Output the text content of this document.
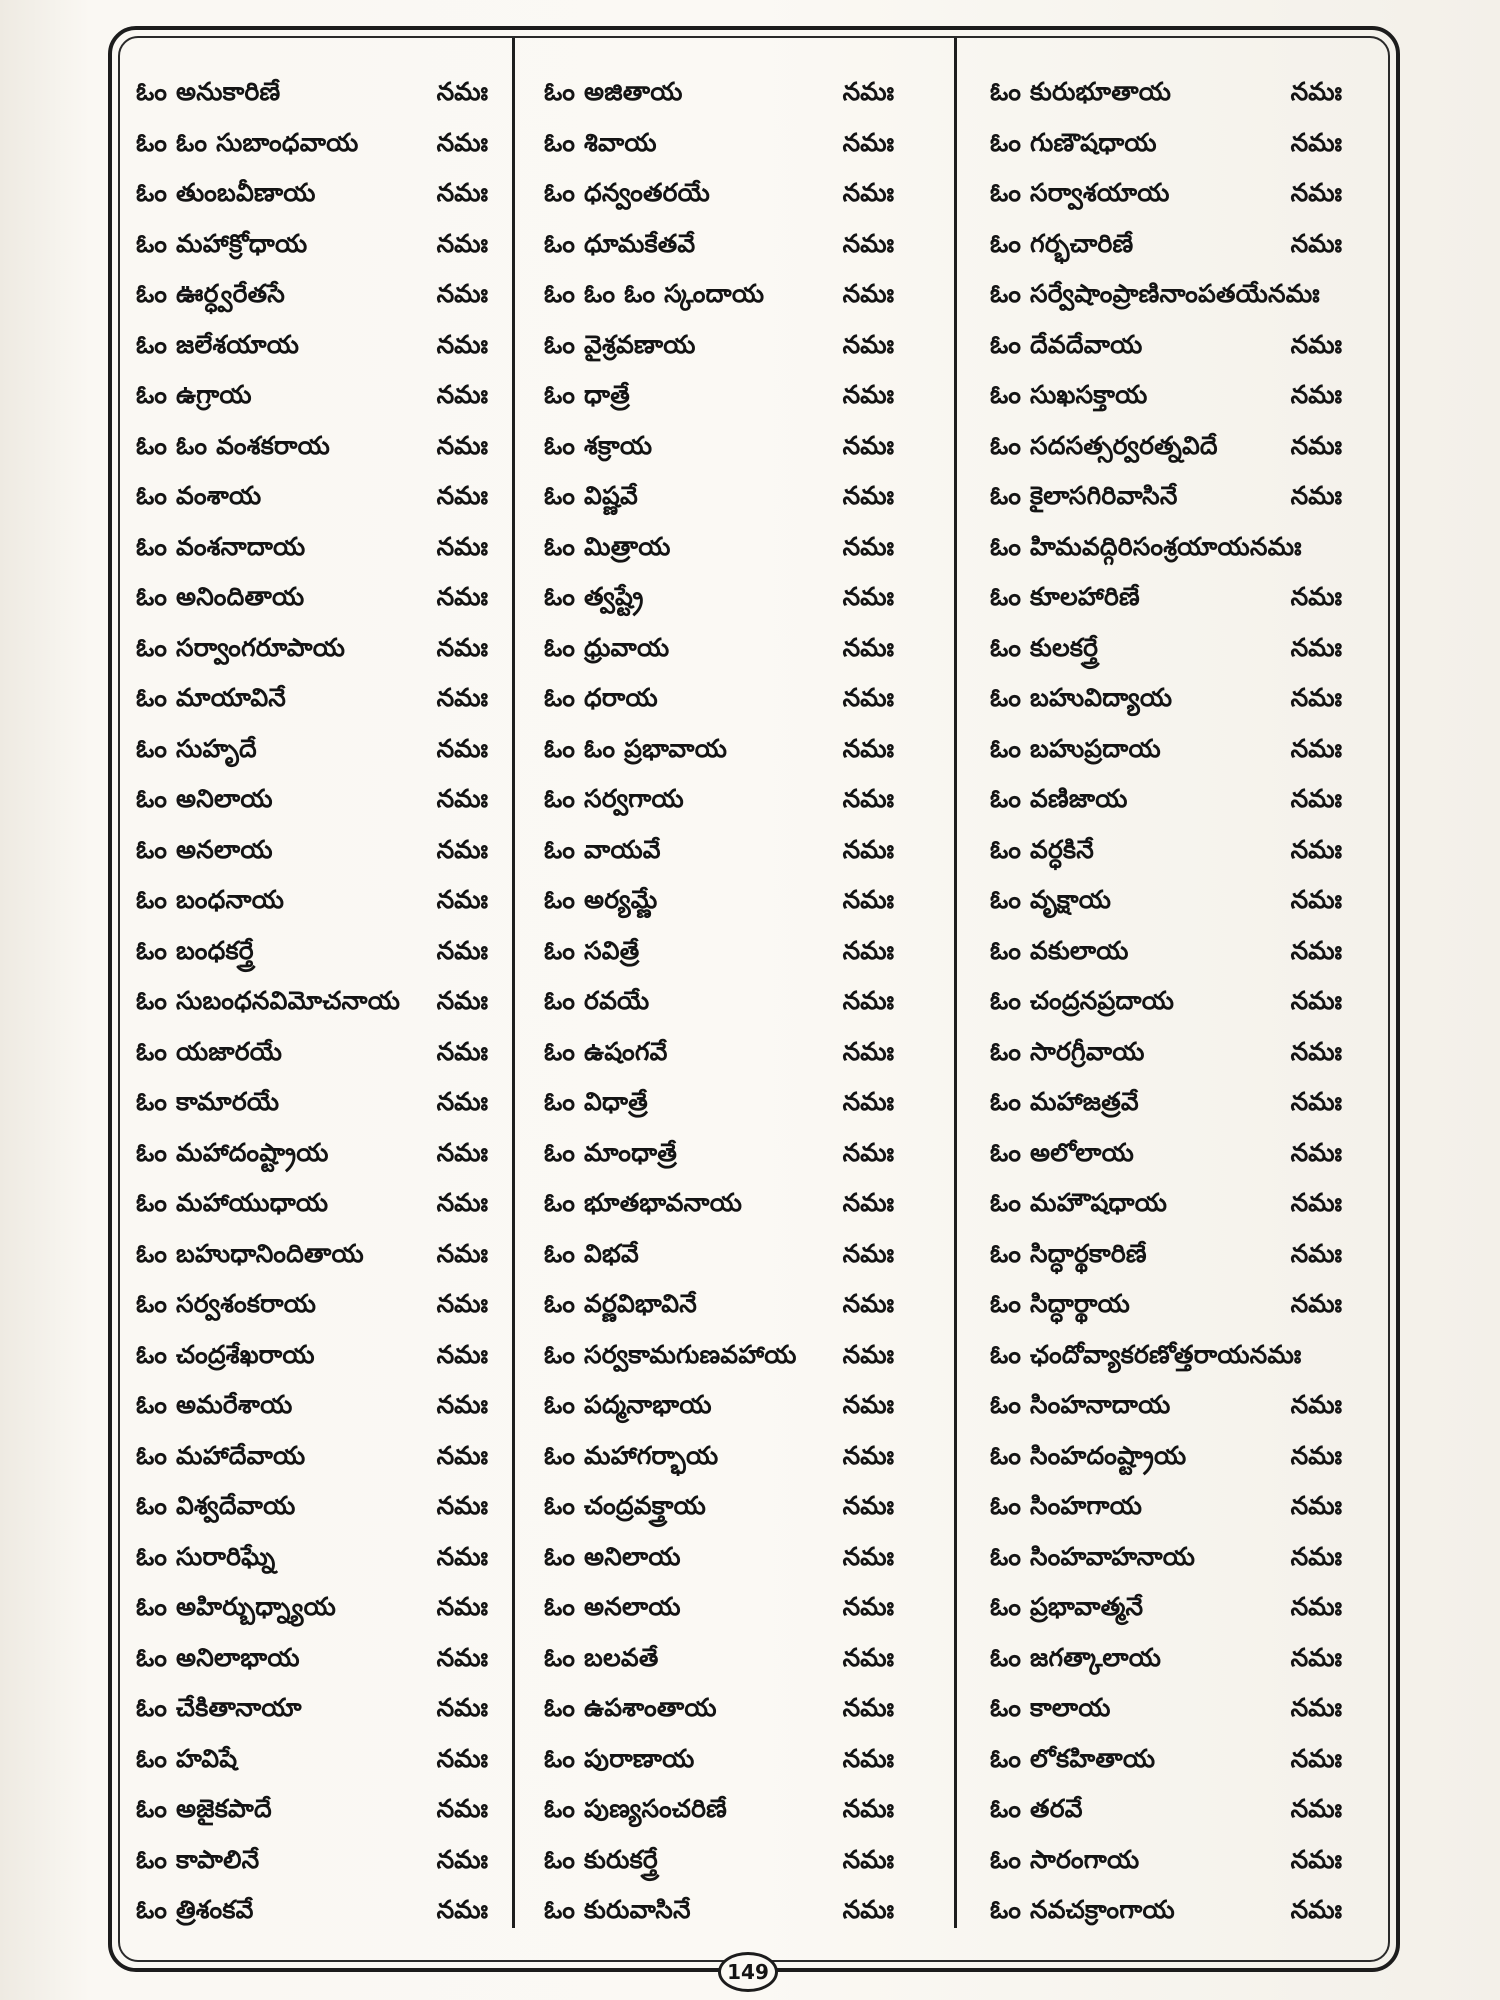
ఓం అనుకారిణే	నమః
ఓం ఓం సుబాంధవాయ	నమః
ఓం తుంబవీణాయ	నమః
ఓం మహాక్రోధాయ	నమః
ఓం ఊర్ధ్వరేతసే	నమః
ఓం జలేశయాయ	నమః
ఓం ఉగ్రాయ	నమః
ఓం ఓం వంశకరాయ	నమః
ఓం వంశాయ	నమః
ఓం వంశనాదాయ	నమః
ఓం అనిందితాయ	నమః
ఓం సర్వాంగరూపాయ	నమః
ఓం మాయావినే	నమః
ఓం సుహృదే	నమః
ఓం అనిలాయ	నమః
ఓం అనలాయ	నమః
ఓం బంధనాయ	నమః
ఓం బంధకర్త్రే	నమః
ఓం సుబంధనవిమోచనాయ నమః
ఓం యజారయే	నమః
ఓం కామారయే	నమః
ఓం మహాదంష్ట్రాయ	నమః
ఓం మహాయుధాయ	నమః
ఓం బహుధానిందితాయ	నమః
ఓం సర్వశంకరాయ	నమః
ఓం చంద్రశేఖరాయ	నమః
ఓం అమరేశాయ	నమః
ఓం మహాదేవాయ	నమః
ఓం విశ్వదేవాయ	నమః
ఓం సురారిఘ్నే	నమః
ఓం అహిర్బుధ్న్యాయ	నమః
ఓం అనిలాభాయ	నమః
ఓం చేకితానాయా	నమః
ఓం హవిషే	నమః
ఓం అజైకపాదే	నమః
ఓం కాపాలినే	నమః
ఓం త్రిశంకవే	నమః
ఓం అజితాయ	నమః
ఓం శివాయ	నమః
ఓం ధన్వంతరయే	నమః
ఓం ధూమకేతవే	నమః
ఓం ఓం ఓం స్కందాయ	నమః
ఓం వైశ్రవణాయ	నమః
ఓం ధాత్రే	నమః
ఓం శక్రాయ	నమః
ఓం విష్ణవే	నమః
ఓం మిత్రాయ	నమః
ఓం త్వష్ట్రే	నమః
ఓం ధ్రువాయ	నమః
ఓం ధరాయ	నమః
ఓం ఓం ప్రభావాయ	నమః
ఓం సర్వగాయ	నమః
ఓం వాయవే	నమః
ఓం అర్యమ్ణే	నమః
ఓం సవిత్రే	నమః
ఓం రవయే	నమః
ఓం ఉషంగవే	నమః
ఓం విధాత్రే	నమః
ఓం మాంధాత్రే	నమః
ఓం భూతభావనాయ	నమః
ఓం విభవే	నమః
ఓం వర్ణవిభావినే	నమః
ఓం సర్వకామగుణవహాయ నమః
ఓం పద్మనాభాయ	నమః
ఓం మహాగర్భాయ	నమః
ఓం చంద్రవక్త్రాయ	నమః
ఓం అనిలాయ	నమః
ఓం అనలాయ	నమః
ఓం బలవతే	నమః
ఓం ఉపశాంతాయ	నమః
ఓం పురాణాయ	నమః
ఓం పుణ్యసంచరిణే	నమః
ఓం కురుకర్త్రే	నమః
ఓం కురువాసినే	నమః
ఓం కురుభూతాయ	నమః
ఓం గుణౌషధాయ	నమః
ఓం సర్వాశయాయ	నమః
ఓం గర్భచారిణే	నమః
ఓం సర్వేషాంప్రాణినాంపతయేనమః
ఓం దేవదేవాయ	నమః
ఓం సుఖసక్తాయ	నమః
ఓం సదసత్సర్వరత్నవిదే	నమః
ఓం కైలాసగిరివాసినే	నమః
ఓం హిమవద్గిరిసంశ్రయాయనమః
ఓం కూలహారిణే	నమః
ఓం కులకర్త్రే	నమః
ఓం బహువిద్యాయ	నమః
ఓం బహుప్రదాయ	నమః
ఓం వణిజాయ	నమః
ఓం వర్ధకినే	నమః
ఓం వృక్షాయ	నమః
ఓం వకులాయ	నమః
ఓం చంద్రనప్రదాయ	నమః
ఓం సారగ్రీవాయ	నమః
ఓం మహాజత్రవే	నమః
ఓం అలోలాయ	నమః
ఓం మహౌషధాయ	నమః
ఓం సిద్ధార్థకారిణే	నమః
ఓం సిద్ధార్థాయ	నమః
ఓం ఛందోవ్యాకరణోత్తరాయనమః
ఓం సింహనాదాయ	నమః
ఓం సింహదంష్ట్రాయ	నమః
ఓం సింహగాయ	నమః
ఓం సింహవాహనాయ	నమః
ఓం ప్రభావాత్మనే	నమః
ఓం జగత్కాలాయ	నమః
ఓం కాలాయ	నమః
ఓం లోకహితాయ	నమః
ఓం తరవే	నమః
ఓం సారంగాయ	నమః
ఓం నవచక్రాంగాయ	నమః
149
